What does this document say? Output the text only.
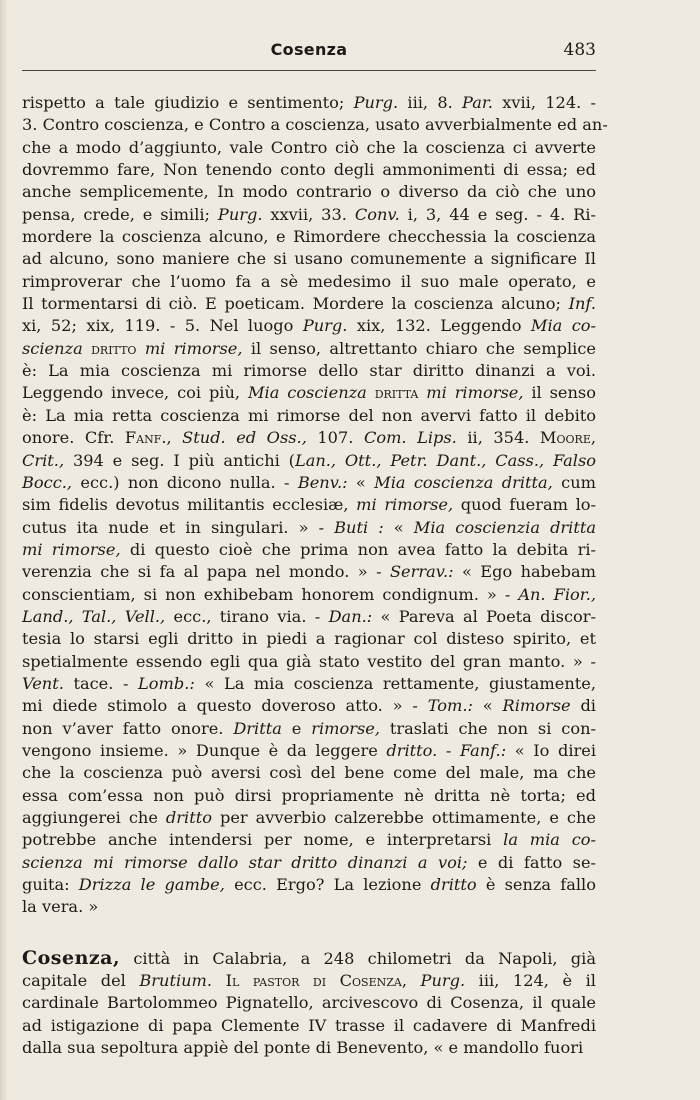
Cosenza	483
rispetto a tale giudizio e sentimento; Purg. iii, 8. Par. xvii, 124. -
3. Contro coscienza, e Contro a coscienza, usato avverbialmente ed an-
che a modo d’aggiunto, vale Contro ciò che la coscienza ci avverte
dovremmo fare, Non tenendo conto degli ammonimenti di essa; ed
anche semplicemente, In modo contrario o diverso da ciò che uno
pensa, crede, e simili; Purg. xxvii, 33. Conv. i, 3, 44 e seg. - 4. Ri-
mordere la coscienza alcuno, e Rimordere checchessia la coscienza
ad alcuno, sono maniere che si usano comunemente a significare Il
rimproverar che l’uomo fa a sè medesimo il suo male operato, e
Il tormentarsi di ciò. E poeticam. Mordere la coscienza alcuno; Inf.
xi, 52; xix, 119. - 5. Nel luogo Purg. xix, 132. Leggendo Mia co-
scienza dritto mi rimorse, il senso, altrettanto chiaro che semplice
è: La mia coscienza mi rimorse dello star diritto dinanzi a voi.
Leggendo invece, coi più, Mia coscienza dritta mi rimorse, il senso
è: La mia retta coscienza mi rimorse del non avervi fatto il debito
onore. Cfr. Fanf., Stud. ed Oss., 107. Com. Lips. ii, 354. Moore,
Crit., 394 e seg. I più antichi (Lan., Ott., Petr. Dant., Cass., Falso
Bocc., ecc.) non dicono nulla. - Benv.: « Mia coscienza dritta, cum
sim fidelis devotus militantis ecclesiæ, mi rimorse, quod fueram lo-
cutus ita nude et in singulari. » - Buti : « Mia coscienzia dritta
mi rimorse, di questo cioè che prima non avea fatto la debita ri-
verenzia che si fa al papa nel mondo. » - Serrav.: « Ego habebam
conscientiam, si non exhibebam honorem condignum. » - An. Fior.,
Land., Tal., Vell., ecc., tirano via. - Dan.: « Pareva al Poeta discor-
tesia lo starsi egli dritto in piedi a ragionar col disteso spirito, et
spetialmente essendo egli qua già stato vestito del gran manto. » -
Vent. tace. - Lomb.: « La mia coscienza rettamente, giustamente,
mi diede stimolo a questo doveroso atto. » - Tom.: « Rimorse di
non v’aver fatto onore. Dritta e rimorse, traslati che non si con-
vengono insieme. » Dunque è da leggere dritto. - Fanf.: « Io direi
che la coscienza può aversi così del bene come del male, ma che
essa com’essa non può dirsi propriamente nè dritta nè torta; ed
aggiungerei che dritto per avverbio calzerebbe ottimamente, e che
potrebbe anche intendersi per nome, e interpretarsi la mia co-
scienza mi rimorse dallo star dritto dinanzi a voi; e di fatto se-
guita: Drizza le gambe, ecc. Ergo? La lezione dritto è senza fallo
la vera. »
Cosenza, città in Calabria, a 248 chilometri da Napoli, già
capitale del Brutium. Il pastor di Cosenza, Purg. iii, 124, è il
cardinale Bartolommeo Pignatello, arcivescovo di Cosenza, il quale
ad istigazione di papa Clemente IV trasse il cadavere di Manfredi
dalla sua sepoltura appiè del ponte di Benevento, « e mandollo fuori
